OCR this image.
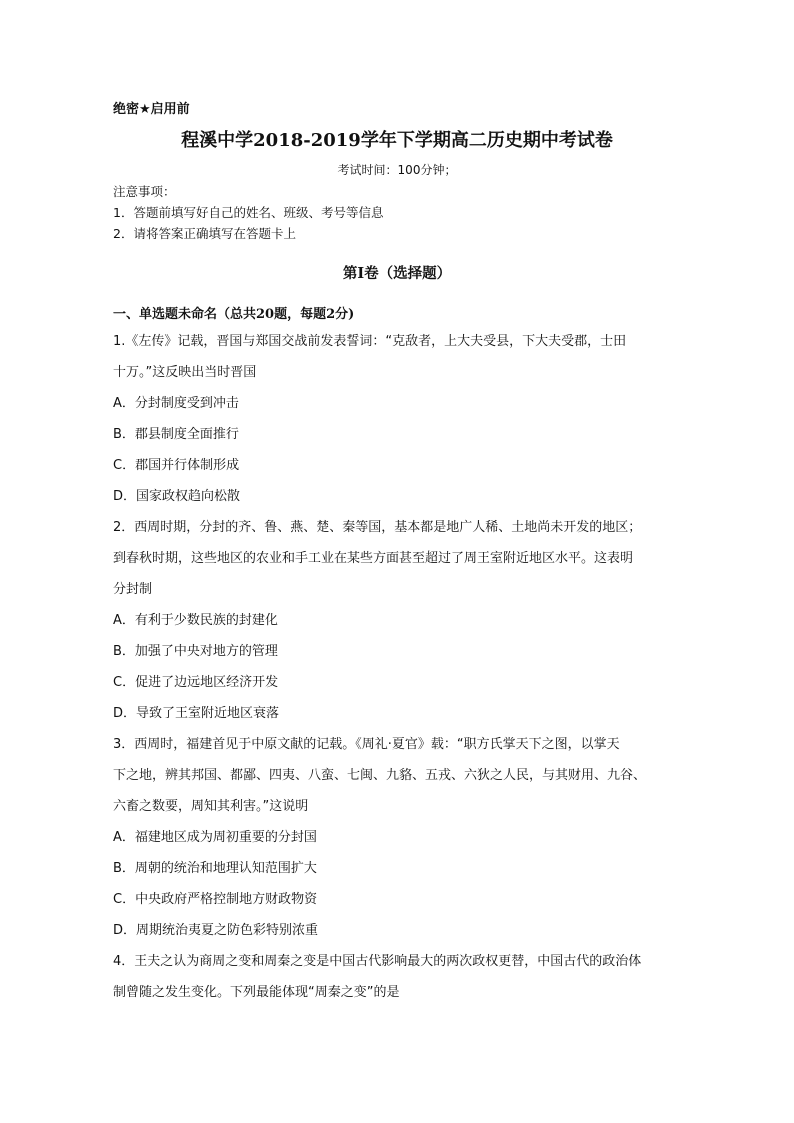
绝密★启用前
程溪中学2018-2019学年下学期高二历史期中考试卷
考试时间：100分钟；
注意事项：
1．答题前填写好自己的姓名、班级、考号等信息
2．请将答案正确填写在答题卡上
第I卷（选择题）
一、单选题未命名（总共20题，每题2分)
1.《左传》记载，晋国与郑国交战前发表誓词：“克敌者，上大夫受县，下大夫受郡，士田
十万。”这反映出当时晋国
A．分封制度受到冲击
B．郡县制度全面推行
C．郡国并行体制形成
D．国家政权趋向松散
2．西周时期，分封的齐、鲁、燕、楚、秦等国，基本都是地广人稀、土地尚未开发的地区；
到春秋时期，这些地区的农业和手工业在某些方面甚至超过了周王室附近地区水平。这表明
分封制
A．有利于少数民族的封建化
B．加强了中央对地方的管理
C．促进了边远地区经济开发
D．导致了王室附近地区衰落
3．西周时，福建首见于中原文献的记载。《周礼·夏官》载：“职方氏掌天下之图，以掌天
下之地，辨其邦国、都鄙、四夷、八蛮、七闽、九貉、五戎、六狄之人民，与其财用、九谷、
六畜之数要，周知其利害。”这说明
A．福建地区成为周初重要的分封国
B．周朝的统治和地理认知范围扩大
C．中央政府严格控制地方财政物资
D．周期统治夷夏之防色彩特别浓重
4．王夫之认为商周之变和周秦之变是中国古代影响最大的两次政权更替，中国古代的政治体
制曾随之发生变化。下列最能体现“周秦之变”的是
